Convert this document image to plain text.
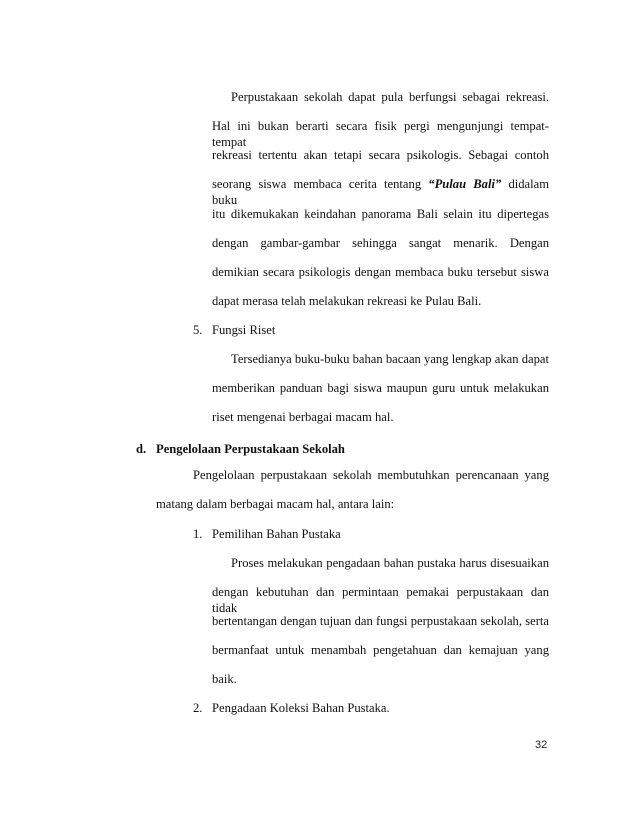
Perpustakaan sekolah dapat pula berfungsi sebagai rekreasi.
Hal ini bukan berarti secara fisik pergi mengunjungi tempat-tempat
rekreasi tertentu akan tetapi secara psikologis. Sebagai contoh
seorang siswa membaca cerita tentang “Pulau Bali” didalam buku
itu dikemukakan keindahan panorama Bali selain itu dipertegas
dengan gambar-gambar sehingga sangat menarik. Dengan
demikian secara psikologis dengan membaca buku tersebut siswa
dapat merasa telah melakukan rekreasi ke Pulau Bali.
5. Fungsi Riset
Tersedianya buku-buku bahan bacaan yang lengkap akan dapat
memberikan panduan bagi siswa maupun guru untuk melakukan
riset mengenai berbagai macam hal.
d. Pengelolaan Perpustakaan Sekolah
Pengelolaan perpustakaan sekolah membutuhkan perencanaan yang
matang dalam berbagai macam hal, antara lain:
1. Pemilihan Bahan Pustaka
Proses melakukan pengadaan bahan pustaka harus disesuaikan
dengan kebutuhan dan permintaan pemakai perpustakaan dan tidak
bertentangan dengan tujuan dan fungsi perpustakaan sekolah, serta
bermanfaat untuk menambah pengetahuan dan kemajuan yang
baik.
2. Pengadaan Koleksi Bahan Pustaka.
32
